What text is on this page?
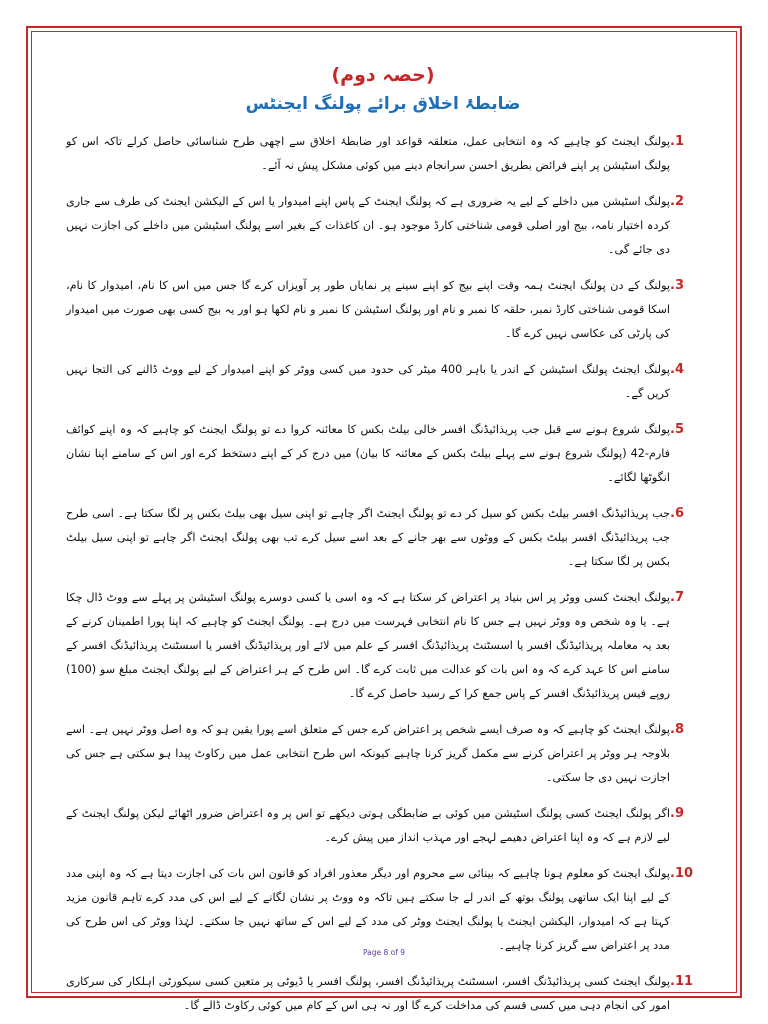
(حصہ دوم)
ضابطۂ اخلاق برائے پولنگ ایجنٹس
.1
پولنگ ایجنٹ کو چاہیے کہ وہ انتخابی عمل، متعلقہ قواعد اور ضابطۂ اخلاق سے اچھی طرح شناسائی حاصل کرلے تاکہ اس کو پولنگ اسٹیشن پر اپنے فرائض بطریق احسن سرانجام دینے میں کوئی مشکل پیش نہ آئے۔
.2
پولنگ اسٹیشن میں داخلے کے لیے یہ ضروری ہے کہ پولنگ ایجنٹ کے پاس اپنے امیدوار یا اس کے الیکشن ایجنٹ کی طرف سے جاری کردہ اختیار نامہ، بیج اور اصلی قومی شناختی کارڈ موجود ہو۔ ان کاغذات کے بغیر اسے پولنگ اسٹیشن میں داخلے کی اجازت نہیں دی جائے گی۔
.3
پولنگ کے دن پولنگ ایجنٹ ہمہ وقت اپنے بیج کو اپنے سینے پر نمایاں طور پر آویزاں کرے گا جس میں اس کا نام، امیدوار کا نام، اسکا قومی شناختی کارڈ نمبر، حلقہ کا نمبر و نام اور پولنگ اسٹیشن کا نمبر و نام لکھا ہو اور یہ بیج کسی بھی صورت میں امیدوار کی پارٹی کی عکاسی نہیں کرے گا۔
.4
پولنگ ایجنٹ پولنگ اسٹیشن کے اندر یا باہر 400 میٹر کی حدود میں کسی ووٹر کو اپنے امیدوار کے لیے ووٹ ڈالنے کی التجا نہیں کریں گے۔
.5
پولنگ شروع ہونے سے قبل جب پریذائیڈنگ افسر خالی بیلٹ بکس کا معائنہ کروا دے تو پولنگ ایجنٹ کو چاہیے کہ وہ اپنے کوائف فارم-42 (پولنگ شروع ہونے سے پہلے بیلٹ بکس کے معائنہ کا بیان) میں درج کر کے اپنے دستخط کرے اور اس کے سامنے اپنا نشان انگوٹھا لگائے۔
.6
جب پریذائیڈنگ افسر بیلٹ بکس کو سیل کر دے تو پولنگ ایجنٹ اگر چاہے تو اپنی سیل بھی بیلٹ بکس پر لگا سکتا ہے۔ اسی طرح جب پریذائیڈنگ افسر بیلٹ بکس کے ووٹوں سے بھر جانے کے بعد اسے سیل کرے تب بھی پولنگ ایجنٹ اگر چاہے تو اپنی سیل بیلٹ بکس پر لگا سکتا ہے۔
.7
پولنگ ایجنٹ کسی ووٹر پر اس بنیاد پر اعتراض کر سکتا ہے کہ وہ اسی یا کسی دوسرے پولنگ اسٹیشن پر پہلے سے ووٹ ڈال چکا ہے۔ یا وہ شخص وہ ووٹر نہیں ہے جس کا نام انتخابی فہرست میں درج ہے۔ پولنگ ایجنٹ کو چاہیے کہ اپنا پورا اطمینان کرنے کے بعد یہ معاملہ پریذائیڈنگ افسر یا اسسٹنٹ پریذائیڈنگ افسر کے علم میں لائے اور پریذائیڈنگ افسر یا اسسٹنٹ پریذائیڈنگ افسر کے سامنے اس کا عہد کرے کہ وہ اس بات کو عدالت میں ثابت کرے گا۔ اس طرح کے ہر اعتراض کے لیے پولنگ ایجنٹ مبلغ سو (100) روپے فیس پریذائیڈنگ افسر کے پاس جمع کرا کے رسید حاصل کرے گا۔
.8
پولنگ ایجنٹ کو چاہیے کہ وہ صرف ایسے شخص پر اعتراض کرے جس کے متعلق اسے پورا یقین ہو کہ وہ اصل ووٹر نہیں ہے۔ اسے بلاوجہ ہر ووٹر پر اعتراض کرنے سے مکمل گریز کرنا چاہیے کیونکہ اس طرح انتخابی عمل میں رکاوٹ پیدا ہو سکتی ہے جس کی اجازت نہیں دی جا سکتی۔
.9
اگر پولنگ ایجنٹ کسی پولنگ اسٹیشن میں کوئی بے ضابطگی ہوتی دیکھے تو اس پر وہ اعتراض ضرور اٹھائے لیکن پولنگ ایجنٹ کے لیے لازم ہے کہ وہ اپنا اعتراض دھیمے لہجے اور مہذب انداز میں پیش کرے۔
.10
پولنگ ایجنٹ کو معلوم ہونا چاہیے کہ بینائی سے محروم اور دیگر معذور افراد کو قانون اس بات کی اجازت دیتا ہے کہ وہ اپنی مدد کے لیے اپنا ایک ساتھی پولنگ بوتھ کے اندر لے جا سکتے ہیں تاکہ وہ ووٹ پر نشان لگانے کے لیے اس کی مدد کرے تاہم قانون مزید کہتا ہے کہ امیدوار، الیکشن ایجنٹ یا پولنگ ایجنٹ ووٹر کی مدد کے لیے اس کے ساتھ نہیں جا سکتے۔ لہٰذا ووٹر کی اس طرح کی مدد پر اعتراض سے گریز کرنا چاہیے۔
.11
پولنگ ایجنٹ کسی پریذائیڈنگ افسر، اسسٹنٹ پریذائیڈنگ افسر، پولنگ افسر یا ڈیوٹی پر متعین کسی سیکورٹی اہلکار کی سرکاری امور کی انجام دہی میں کسی قسم کی مداخلت کرے گا اور نہ ہی اس کے کام میں کوئی رکاوٹ ڈالے گا۔
Page 8 of 9
